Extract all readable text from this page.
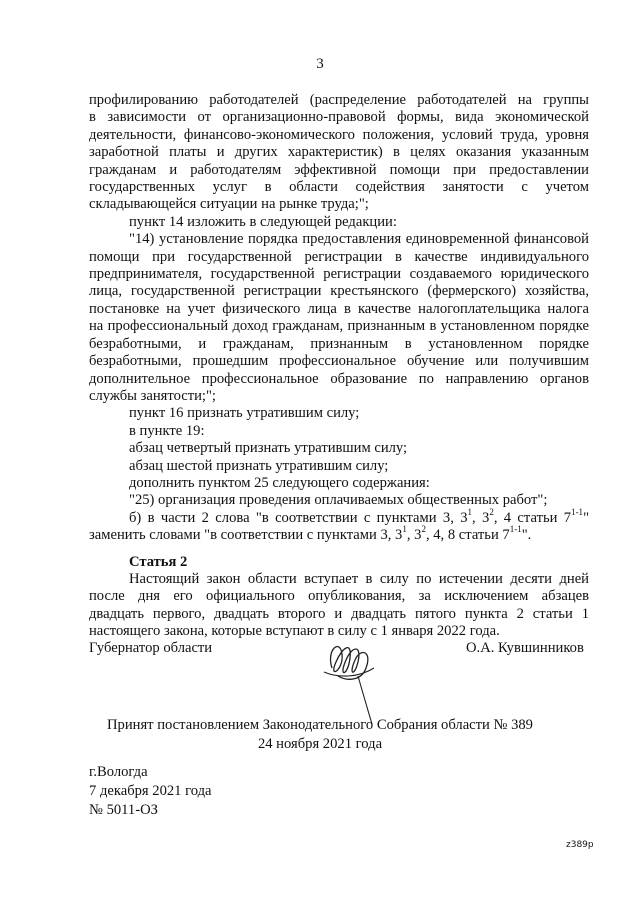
3

профилированию работодателей (распределение работодателей на группы

в зависимости от организационно-правовой формы, вида экономической

деятельности, финансово-экономического положения, условий труда, уровня

заработной платы и других характеристик) в целях оказания указанным

гражданам и работодателям эффективной помощи при предоставлении

государственных услуг в области содействия занятости с учетом

складывающейся ситуации на рынке труда;";

пункт 14 изложить в следующей редакции:

"14) установление порядка предоставления единовременной финансовой

помощи при государственной регистрации в качестве индивидуального

предпринимателя, государственной регистрации создаваемого юридического

лица, государственной регистрации крестьянского (фермерского) хозяйства,

постановке на учет физического лица в качестве налогоплательщика налога

на профессиональный доход гражданам, признанным в установленном порядке

безработными, и гражданам, признанным в установленном порядке

безработными, прошедшим профессиональное обучение или получившим

дополнительное профессиональное образование по направлению органов

службы занятости;";

пункт 16 признать утратившим силу;

в пункте 19:

абзац четвертый признать утратившим силу;

абзац шестой признать утратившим силу;

дополнить пунктом 25 следующего содержания:

"25) организация проведения оплачиваемых общественных работ";

б) в части 2 слова "в соответствии с пунктами 3, $3^1$, $3^2$, 4 статьи 7$^{1-1}$"

заменить словами "в соответствии с пунктами 3, $3^1$, $3^2$, 4, 8 статьи 7$^{1-1}$".

Статья 2

Настоящий закон области вступает в силу по истечении десяти дней

после дня его официального опубликования, за исключением абзацев

двадцать первого, двадцать второго и двадцать пятого пункта 2 статьи 1

настоящего закона, которые вступают в силу с 1 января 2022 года.

Губернатор области	О.А. Кувшинников
Принят постановлением Законодательного Собрания области № 389
24 ноября 2021 года
г.Вологда
7 декабря 2021 года
№ 5011-ОЗ
z389p
